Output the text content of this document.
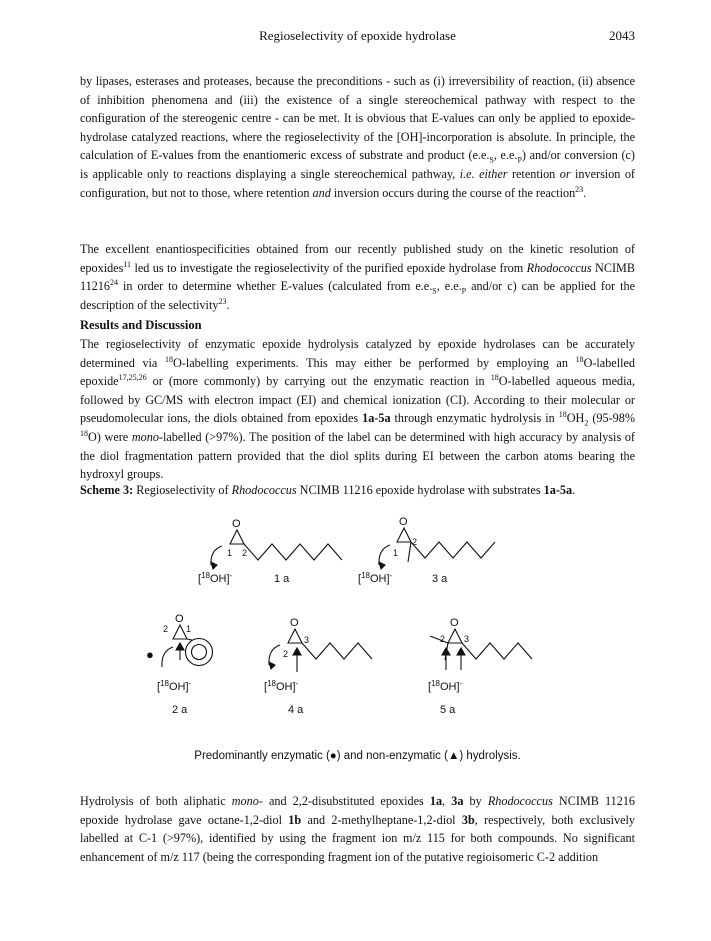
Regioselectivity of epoxide hydrolase	2043

by lipases, esterases and proteases, because the preconditions - such as (i) irreversibility of reaction, (ii) absence of inhibition phenomena and (iii) the existence of a single stereochemical pathway with respect to the configuration of the stereogenic centre - can be met. It is obvious that E-values can only be applied to epoxide-hydrolase catalyzed reactions, where the regioselectivity of the [OH]-incorporation is absolute. In principle, the calculation of E-values from the enantiomeric excess of substrate and product ($e.e._S$, $e.e._P$) and/or conversion (c) is applicable only to reactions displaying a single stereochemical pathway, i.e. either retention or inversion of configuration, but not to those, where retention and inversion occurs during the course of the reaction$^{23}$.

The excellent enantiospecificities obtained from our recently published study on the kinetic resolution of epoxides$^{11}$ led us to investigate the regioselectivity of the purified epoxide hydrolase from Rhodococcus NCIMB 11216$^{24}$ in order to determine whether E-values (calculated from $e.e._S$, $e.e._P$ and/or c) can be applied for the description of the selectivity$^{23}$.

Results and Discussion

The regioselectivity of enzymatic epoxide hydrolysis catalyzed by epoxide hydrolases can be accurately determined via $^{18}$O-labelling experiments. This may either be performed by employing an $^{18}$O-labelled epoxide$^{17,25,26}$ or (more commonly) by carrying out the enzymatic reaction in $^{18}$O-labelled aqueous media, followed by GC/MS with electron impact (EI) and chemical ionization (CI). According to their molecular or pseudomolecular ions, the diols obtained from epoxides 1a-5a through enzymatic hydrolysis in $^{18}OH_2$ (95-98% $^{18}$O) were mono-labelled (>97%). The position of the label can be determined with high accuracy by analysis of the diol fragmentation pattern provided that the diol splits during EI between the carbon atoms bearing the hydroxyl groups.

Scheme 3: Regioselectivity of Rhodococcus NCIMB 11216 epoxide hydrolase with substrates 1a-5a.
O
1 2
[$^{18}$OH]-	1 a
O
2
1
[$^{18}$OH]-	3 a
O
2 1
●
[$^{18}$OH]-
2 a
O
3
2
[$^{18}$OH]-
4 a
O
2 3
[$^{18}$OH]-
5 a
Predominantly enzymatic (●) and non-enzymatic (▲) hydrolysis.

Hydrolysis of both aliphatic mono- and 2,2-disubstituted epoxides 1a, 3a by Rhodococcus NCIMB 11216 epoxide hydrolase gave octane-1,2-diol 1b and 2-methylheptane-1,2-diol 3b, respectively, both exclusively labelled at C-1 (>97%), identified by using the fragment ion m/z 115 for both compounds. No significant enhancement of m/z 117 (being the corresponding fragment ion of the putative regioisomeric C-2 addition
